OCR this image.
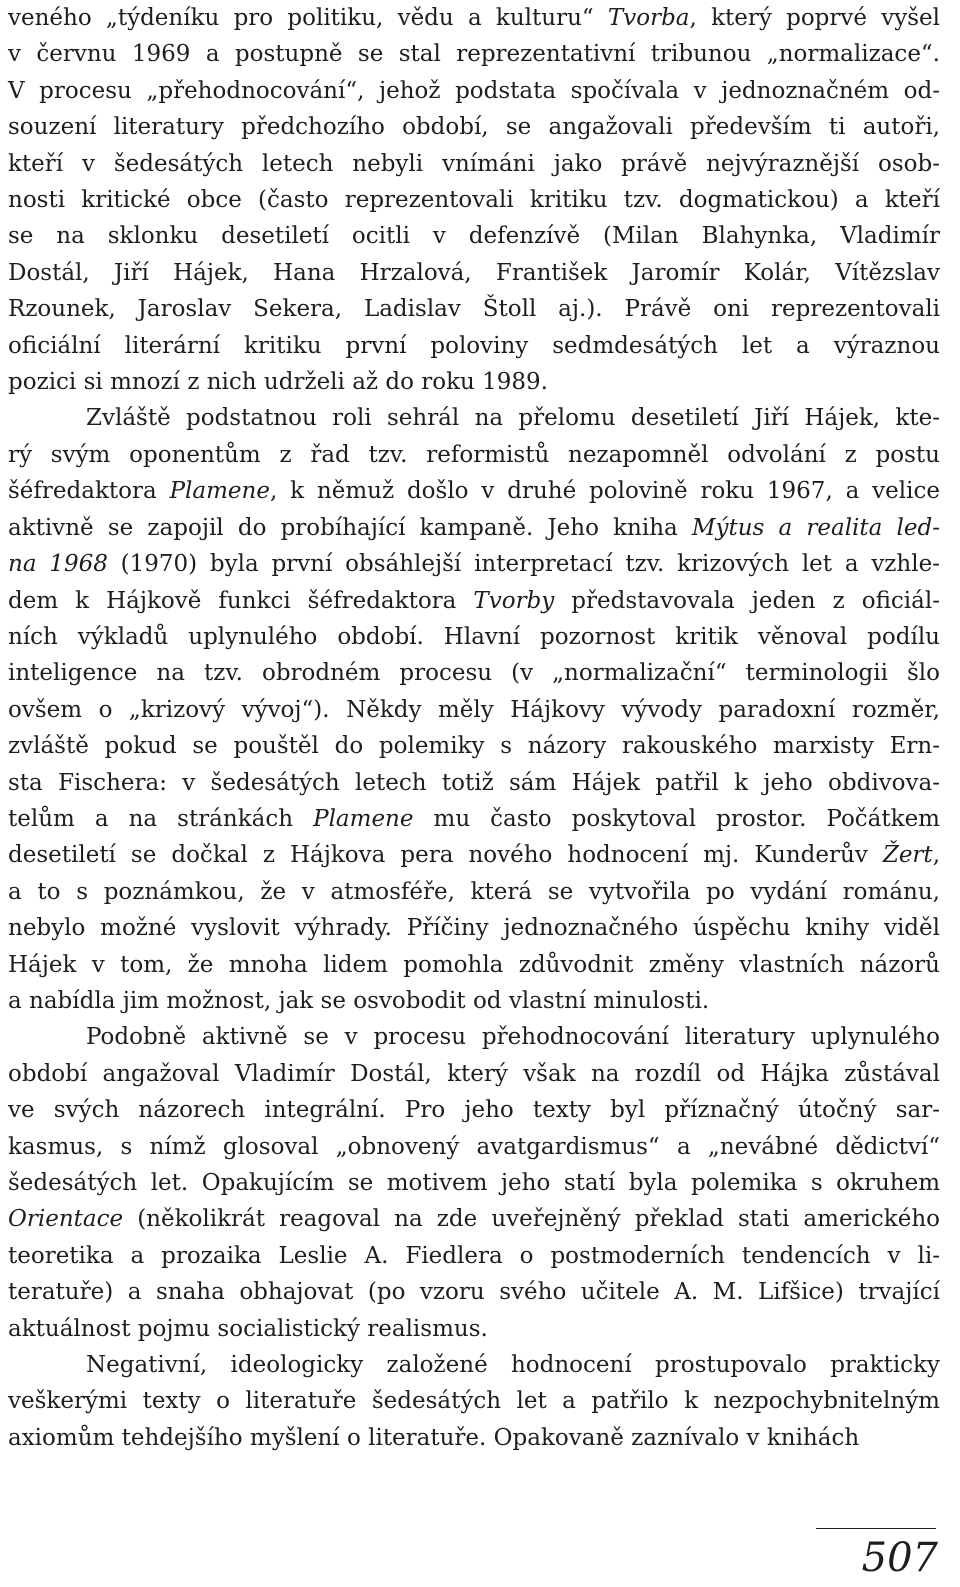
veného „týdeníku pro politiku, vědu a kulturu“ Tvorba, který poprvé vyšel
v červnu 1969 a postupně se stal reprezentativní tribunou „normalizace“.
V procesu „přehodnocování“, jehož podstata spočívala v jednoznačném od-
souzení literatury předchozího období, se angažovali především ti autoři,
kteří v šedesátých letech nebyli vnímáni jako právě nejvýraznější osob-
nosti kritické obce (často reprezentovali kritiku tzv. dogmatickou) a kteří
se na sklonku desetiletí ocitli v defenzívě (Milan Blahynka, Vladimír
Dostál, Jiří Hájek, Hana Hrzalová, František Jaromír Kolár, Vítězslav
Rzounek, Jaroslav Sekera, Ladislav Štoll aj.). Právě oni reprezentovali
oficiální literární kritiku první poloviny sedmdesátých let a výraznou
pozici si mnozí z nich udrželi až do roku 1989.
Zvláště podstatnou roli sehrál na přelomu desetiletí Jiří Hájek, kte-
rý svým oponentům z řad tzv. reformistů nezapomněl odvolání z postu
šéfredaktora Plamene, k němuž došlo v druhé polovině roku 1967, a velice
aktivně se zapojil do probíhající kampaně. Jeho kniha Mýtus a realita led-
na 1968 (1970) byla první obsáhlejší interpretací tzv. krizových let a vzhle-
dem k Hájkově funkci šéfredaktora Tvorby představovala jeden z oficiál-
ních výkladů uplynulého období. Hlavní pozornost kritik věnoval podílu
inteligence na tzv. obrodném procesu (v „normalizační“ terminologii šlo
ovšem o „krizový vývoj“). Někdy měly Hájkovy vývody paradoxní rozměr,
zvláště pokud se pouštěl do polemiky s názory rakouského marxisty Ern-
sta Fischera: v šedesátých letech totiž sám Hájek patřil k jeho obdivova-
telům a na stránkách Plamene mu často poskytoval prostor. Počátkem
desetiletí se dočkal z Hájkova pera nového hodnocení mj. Kunderův Žert,
a to s poznámkou, že v atmosféře, která se vytvořila po vydání románu,
nebylo možné vyslovit výhrady. Příčiny jednoznačného úspěchu knihy viděl
Hájek v tom, že mnoha lidem pomohla zdůvodnit změny vlastních názorů
a nabídla jim možnost, jak se osvobodit od vlastní minulosti.
Podobně aktivně se v procesu přehodnocování literatury uplynulého
období angažoval Vladimír Dostál, který však na rozdíl od Hájka zůstával
ve svých názorech integrální. Pro jeho texty byl příznačný útočný sar-
kasmus, s nímž glosoval „obnovený avatgardismus“ a „nevábné dědictví“
šedesátých let. Opakujícím se motivem jeho statí byla polemika s okruhem
Orientace (několikrát reagoval na zde uveřejněný překlad stati amerického
teoretika a prozaika Leslie A. Fiedlera o postmoderních tendencích v li-
teratuře) a snaha obhajovat (po vzoru svého učitele A. M. Lifšice) trvající
aktuálnost pojmu socialistický realismus.
Negativní, ideologicky založené hodnocení prostupovalo prakticky
veškerými texty o literatuře šedesátých let a patřilo k nezpochybnitelným
axiomům tehdejšího myšlení o literatuře. Opakovaně zaznívalo v knihách
507
